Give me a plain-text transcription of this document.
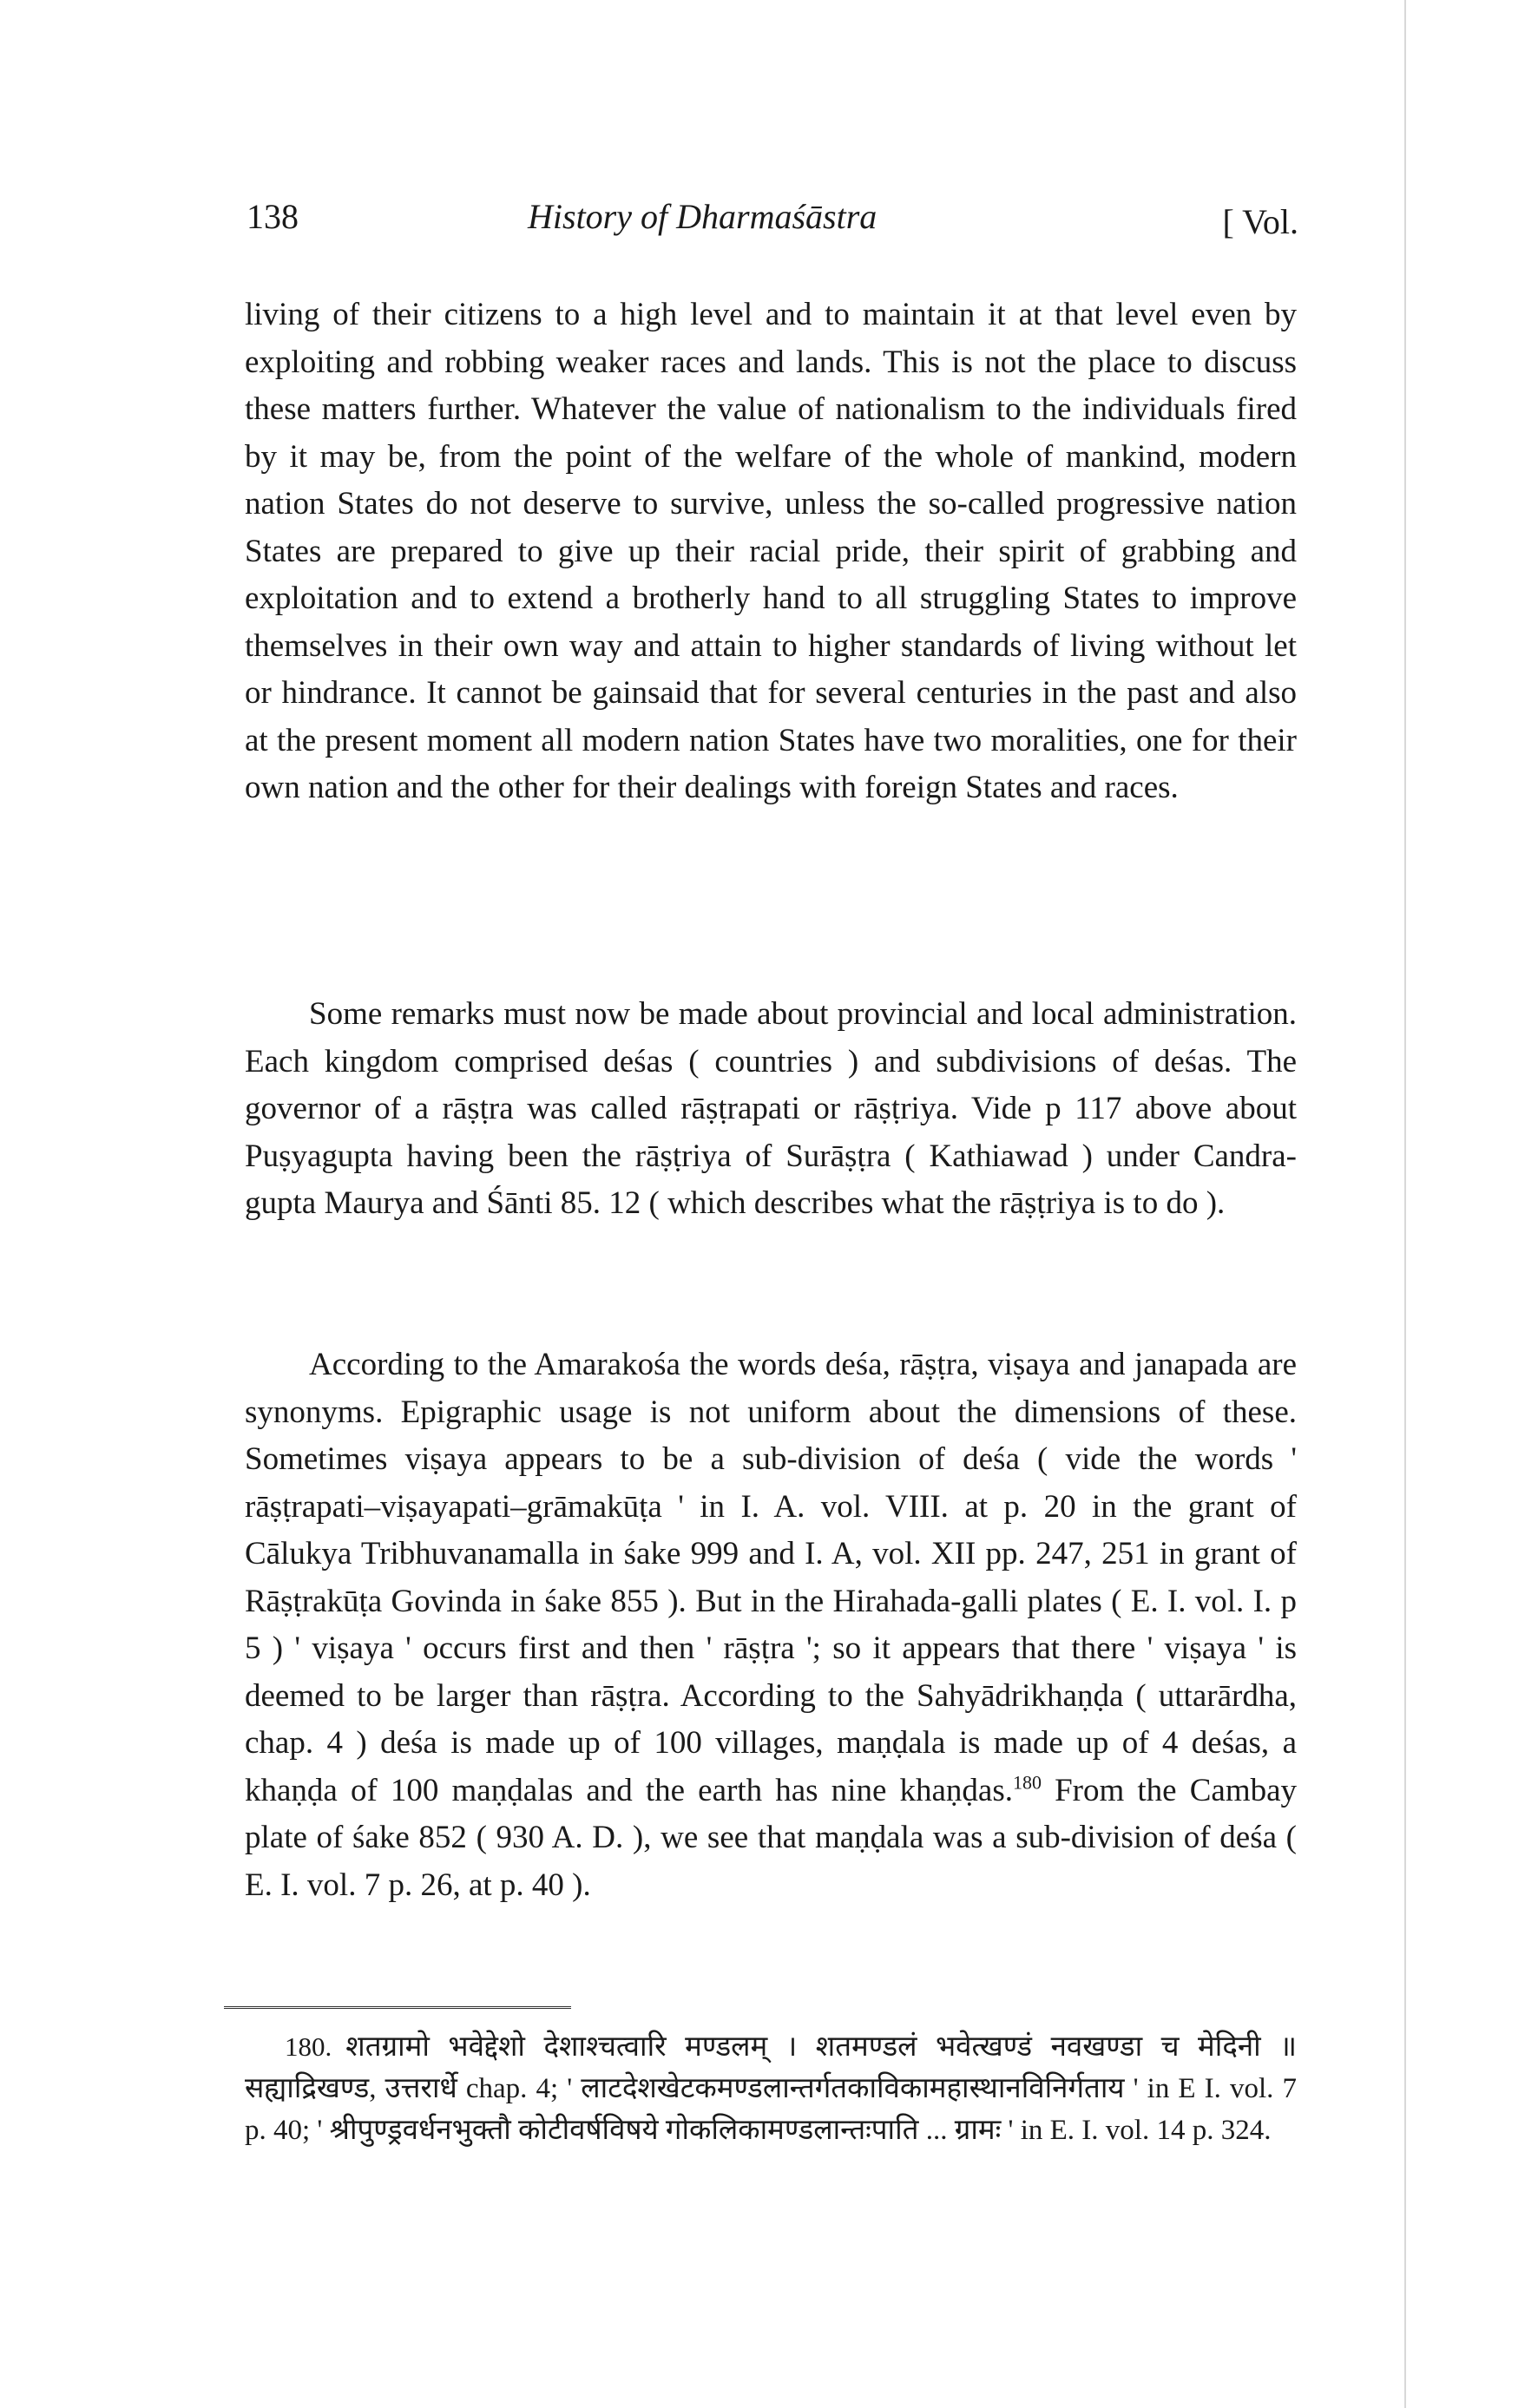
138	History of Dharmaśāstra	[ Vol.

living of their citizens to a high level and to maintain it at that level even by exploiting and robbing weaker races and lands. This is not the place to discuss these matters further. Whatever the value of nationalism to the individuals fired by it may be, from the point of the welfare of the whole of mankind, modern nation States do not deserve to survive, unless the so-called progressive nation States are prepared to give up their racial pride, their spirit of grabbing and exploitation and to extend a brotherly hand to all struggling States to improve themselves in their own way and attain to higher standards of living without let or hindrance. It cannot be gainsaid that for several centuries in the past and also at the present moment all modern nation States have two moralities, one for their own nation and the other for their dealings with foreign States and races.

Some remarks must now be made about provincial and local administration. Each kingdom comprised deśas ( countries ) and subdivisions of deśas. The governor of a rāṣṭra was called rāṣṭrapati or rāṣṭriya. Vide p 117 above about Puṣyagupta having been the rāṣṭriya of Surāṣṭra ( Kathiawad ) under Candra-gupta Maurya and Śānti 85. 12 ( which describes what the rāṣṭriya is to do ).

According to the Amarakośa the words deśa, rāṣṭra, viṣaya and janapada are synonyms. Epigraphic usage is not uniform about the dimensions of these. Sometimes viṣaya appears to be a sub-division of deśa ( vide the words ' rāṣṭrapati–viṣayapati–grāmakūṭa ' in I. A. vol. VIII. at p. 20 in the grant of Cālukya Tribhuvanamalla in śake 999 and I. A, vol. XII pp. 247, 251 in grant of Rāṣṭrakūṭa Govinda in śake 855 ). But in the Hirahada-galli plates ( E. I. vol. I. p 5 ) ' viṣaya ' occurs first and then ' rāṣṭra '; so it appears that there ' viṣaya ' is deemed to be larger than rāṣṭra. According to the Sahyādrikhaṇḍa ( uttarārdha, chap. 4 ) deśa is made up of 100 villages, maṇḍala is made up of 4 deśas, a khaṇḍa of 100 maṇḍalas and the earth has nine khaṇḍas.$^{180}$ From the Cambay plate of śake 852 ( 930 A. D. ), we see that maṇḍala was a sub-division of deśa ( E. I. vol. 7 p. 26, at p. 40 ).

180. शतग्रामो भवेद्देशो देशाश्चत्वारि मण्डलम् । शतमण्डलं भवेत्खण्डं नवखण्डा च मेदिनी ॥ सह्याद्रिखण्ड, उत्तरार्धे chap. 4; ' लाटदेशखेटकमण्डलान्तर्गतकाविकामहास्थानविनिर्गताय ' in E I. vol. 7 p. 40; ' श्रीपुण्ड्रवर्धनभुक्तौ कोटीवर्षविषये गोकलिकामण्डलान्तःपाति ... ग्रामः ' in E. I. vol. 14 p. 324.
